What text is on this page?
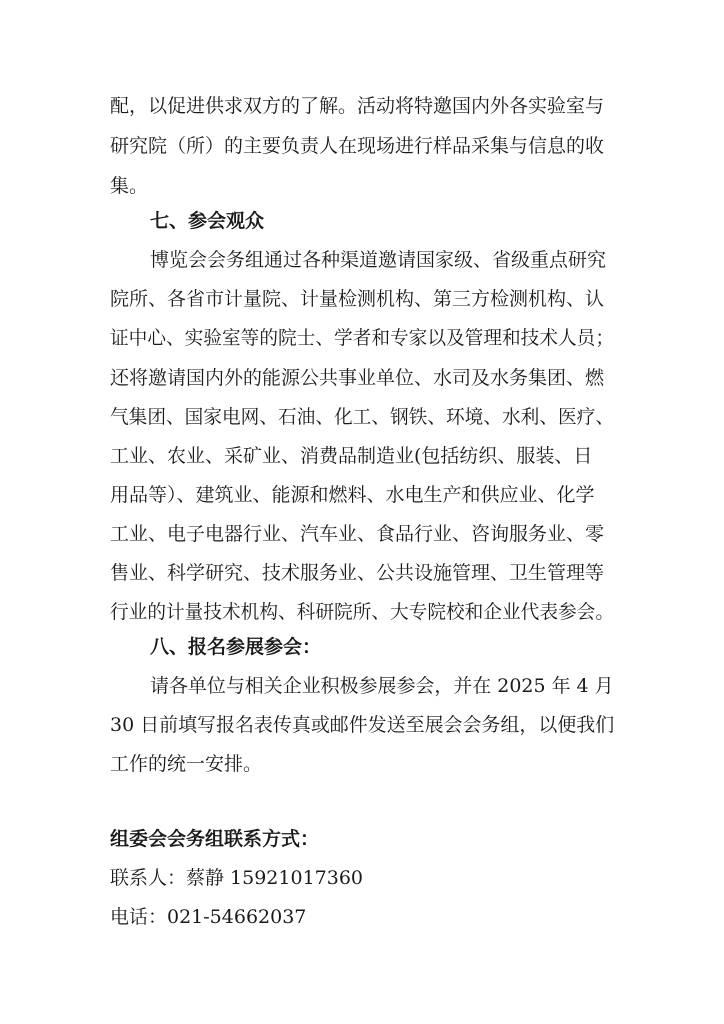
配，以促进供求双方的了解。活动将特邀国内外各实验室与
研究院（所）的主要负责人在现场进行样品采集与信息的收
集。
七、参会观众
博览会会务组通过各种渠道邀请国家级、省级重点研究
院所、各省市计量院、计量检测机构、第三方检测机构、认
证中心、实验室等的院士、学者和专家以及管理和技术人员；
还将邀请国内外的能源公共事业单位、水司及水务集团、燃
气集团、国家电网、石油、化工、钢铁、环境、水利、医疗、
工业、农业、采矿业、消费品制造业(包括纺织、服装、日
用品等）、建筑业、能源和燃料、水电生产和供应业、化学
工业、电子电器行业、汽车业、食品行业、咨询服务业、零
售业、科学研究、技术服务业、公共设施管理、卫生管理等
行业的计量技术机构、科研院所、大专院校和企业代表参会。
八、报名参展参会：
请各单位与相关企业积极参展参会，并在 2025 年 4 月
30 日前填写报名表传真或邮件发送至展会会务组，以便我们
工作的统一安排。
组委会会务组联系方式：
联系人：蔡静 15921017360
电话：021-54662037
